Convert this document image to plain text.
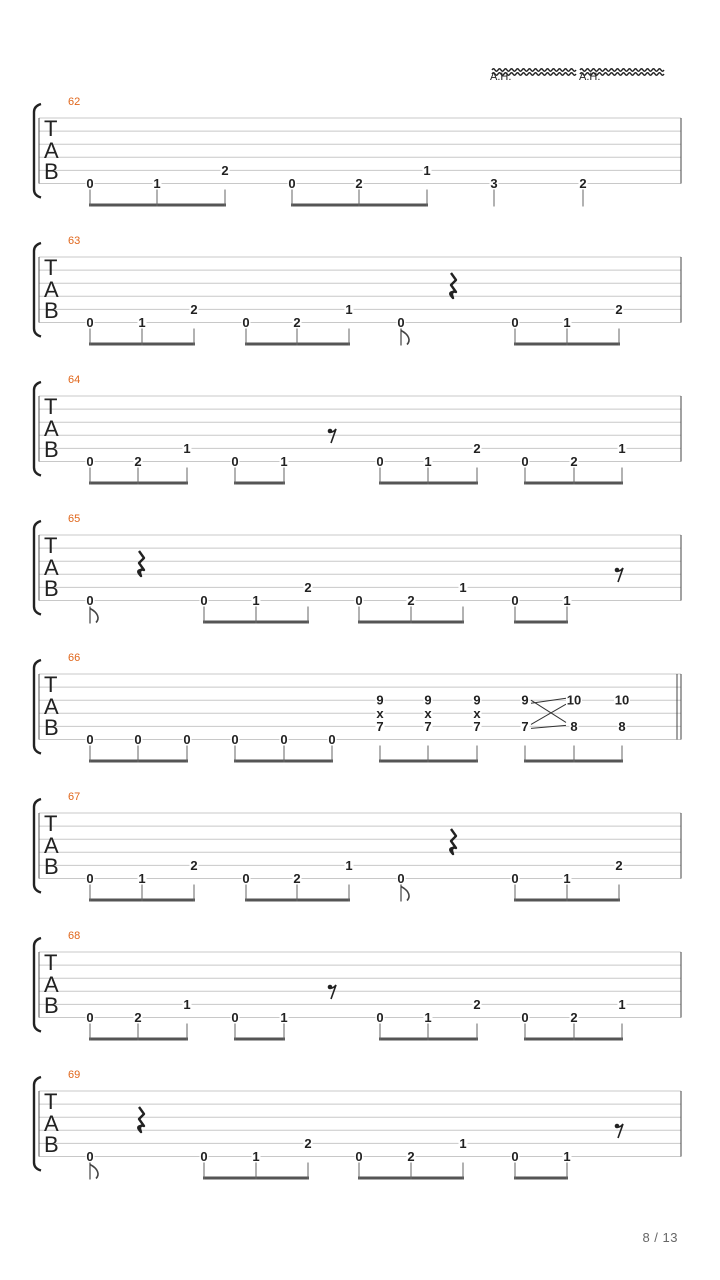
A.H.	A.H.
T
A
B
62
0	1
2
0	2
1
3	2
T
A
B
63
0	1
2
0	2
1
0	0	1
2
T
A
B
64
0	2
1
0	1	0	1
2
0	2
1
T
A
B
65
0	0	1
2
0	2
1
0	1
T
A
B
66
0	0	0	0	0	0
9
x
7
9
x
7
9
x
7
9
7
10
8
10
8
T
A
B
67
0	1
2
0	2
1
0	0	1
2
T
A
B
68
0	2
1
0	1	0	1
2
0	2
1
T
A
B
69
0	0	1
2
0	2
1
0	1
8 / 13
